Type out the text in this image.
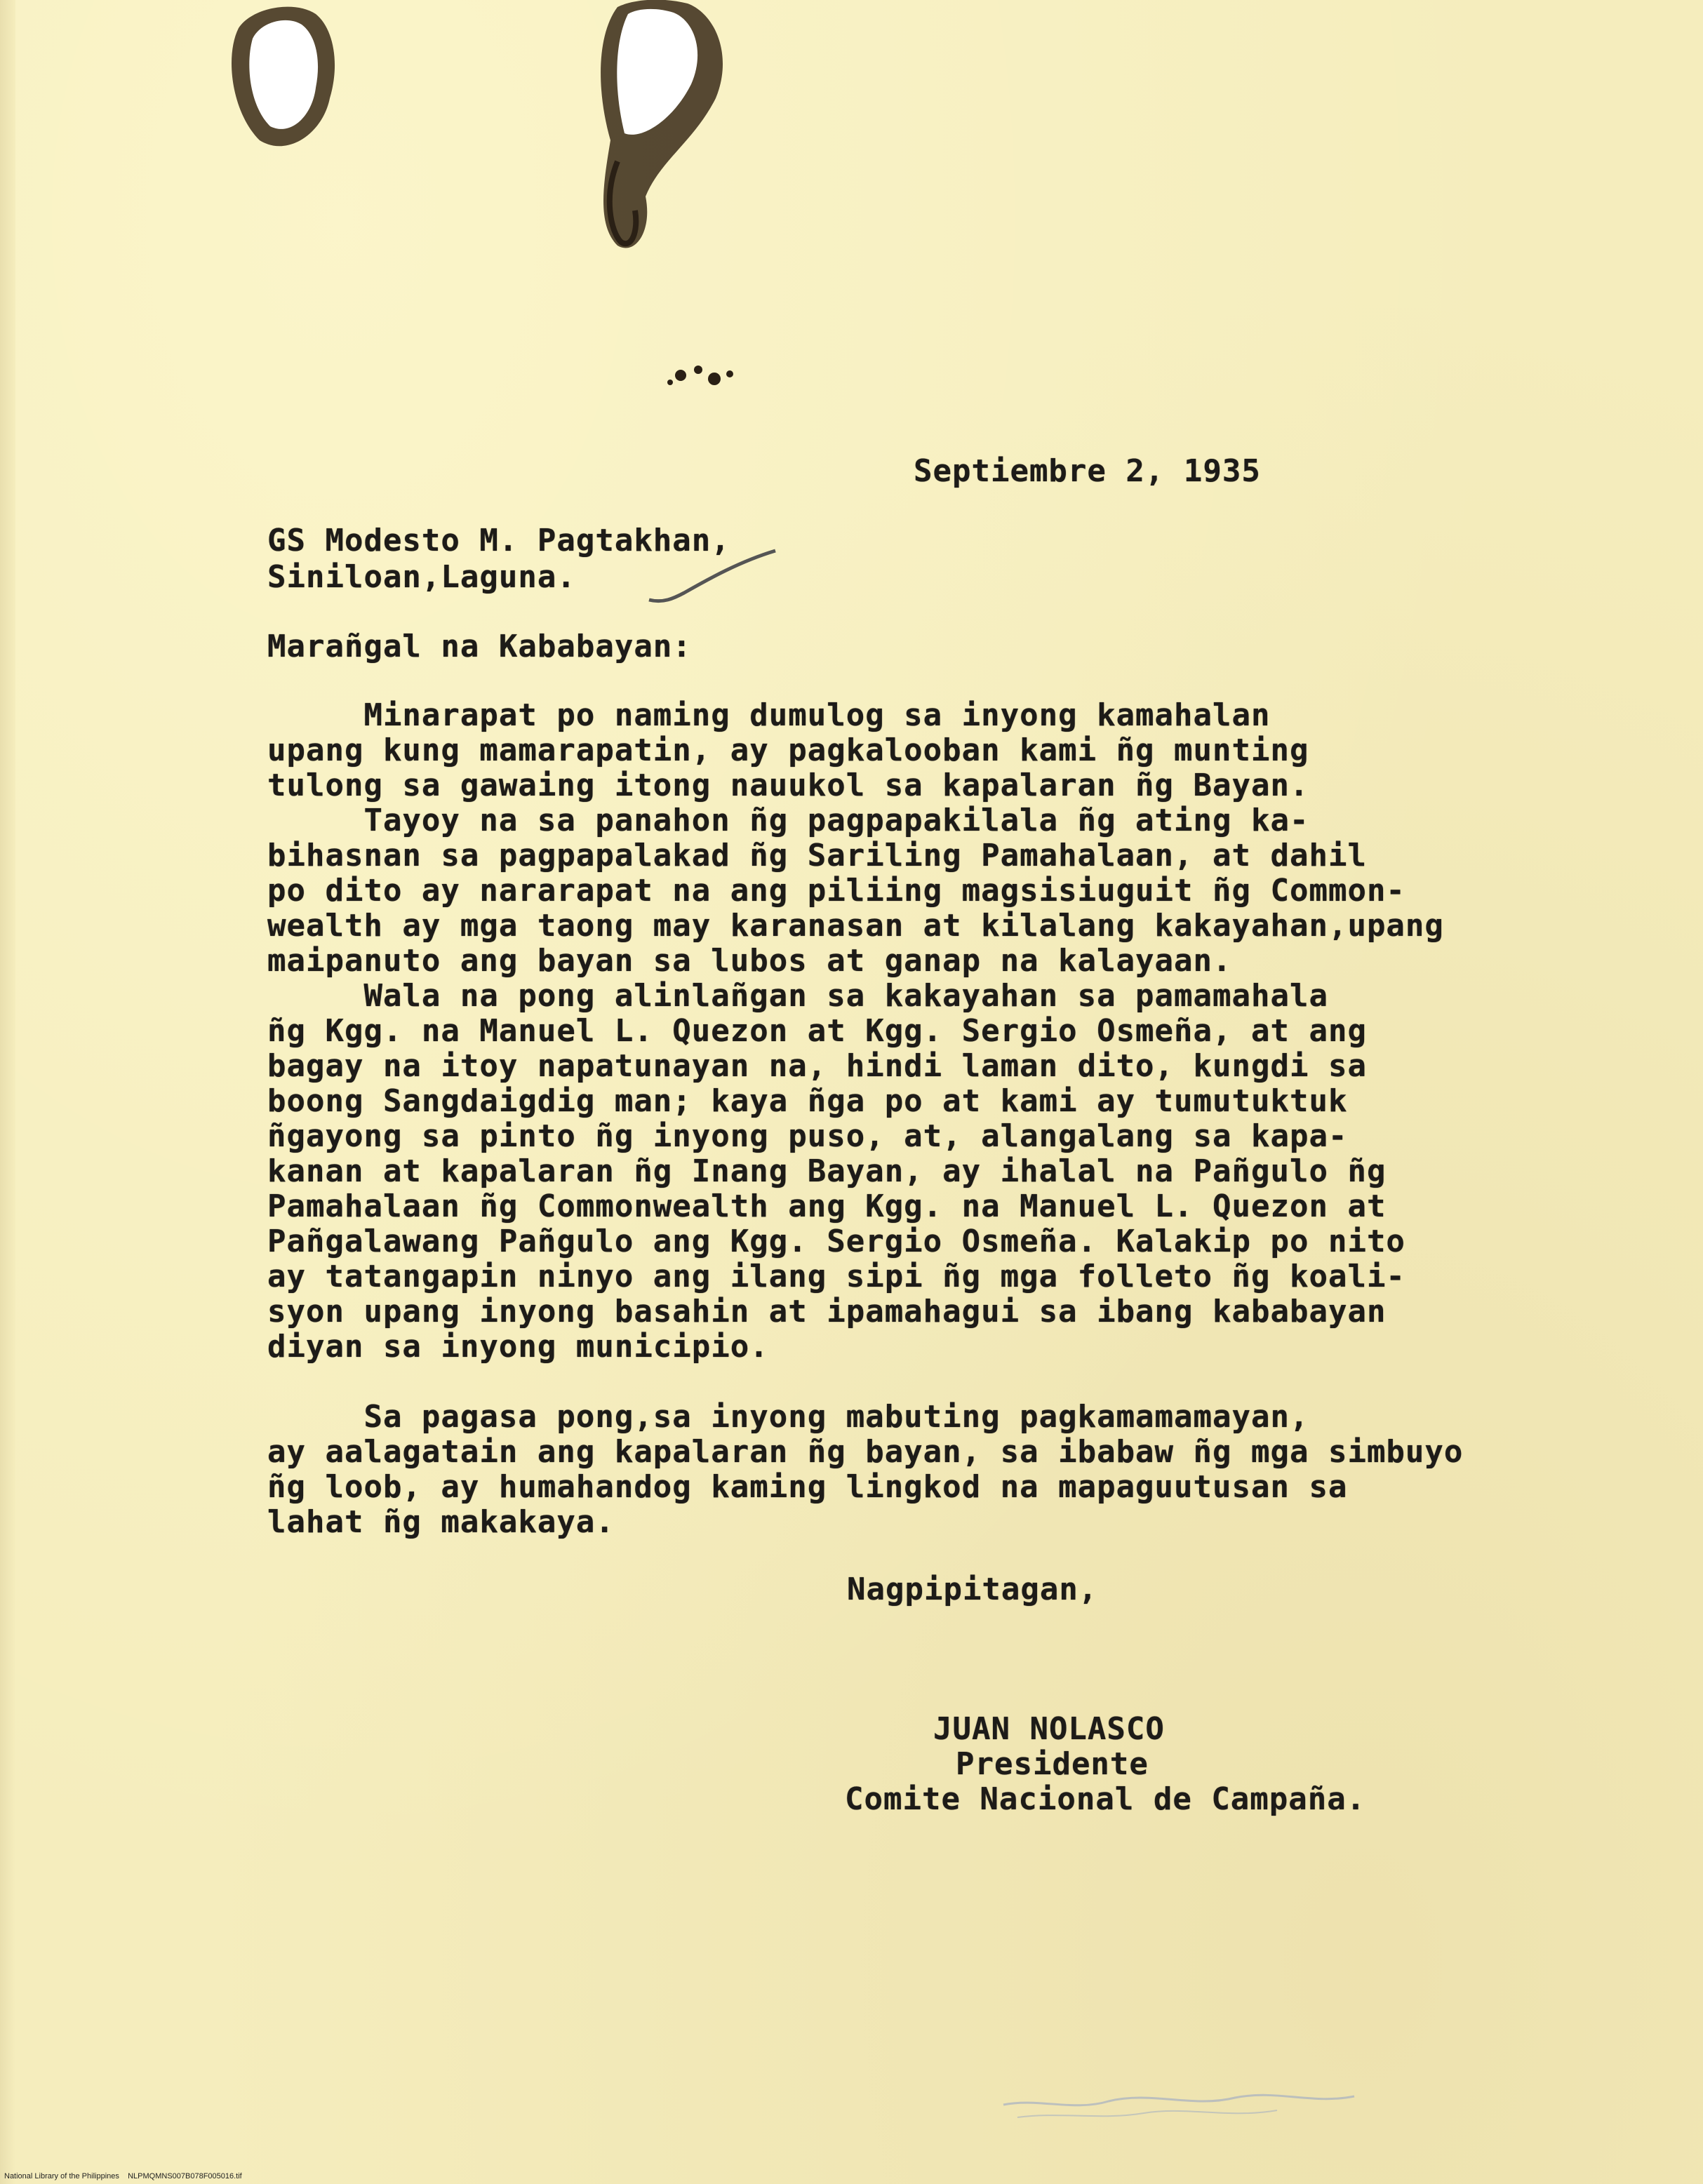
Septiembre 2, 1935
GS Modesto M. Pagtakhan,
Siniloan,Laguna.
Marañgal na Kababayan:
Minarapat po naming dumulog sa inyong kamahalan
upang kung mamarapatin, ay pagkalooban kami ñg munting
tulong sa gawaing itong nauukol sa kapalaran ñg Bayan.
Tayoy na sa panahon ñg pagpapakilala ñg ating ka-
bihasnan sa pagpapalakad ñg Sariling Pamahalaan, at dahil
po dito ay nararapat na ang piliing magsisiuguit ñg Common-
wealth ay mga taong may karanasan at kilalang kakayahan,upang
maipanuto ang bayan sa lubos at ganap na kalayaan.
Wala na pong alinlañgan sa kakayahan sa pamamahala
ñg Kgg. na Manuel L. Quezon at Kgg. Sergio Osmeña, at ang
bagay na itoy napatunayan na, hindi laman dito, kungdi sa
boong Sangdaigdig man; kaya ñga po at kami ay tumutuktuk
ñgayong sa pinto ñg inyong puso, at, alangalang sa kapa-
kanan at kapalaran ñg Inang Bayan, ay ihalal na Pañgulo ñg
Pamahalaan ñg Commonwealth ang Kgg. na Manuel L. Quezon at
Pañgalawang Pañgulo ang Kgg. Sergio Osmeña. Kalakip po nito
ay tatangapin ninyo ang ilang sipi ñg mga folleto ñg koali-
syon upang inyong basahin at ipamahagui sa ibang kababayan
diyan sa inyong municipio.
Sa pagasa pong,sa inyong mabuting pagkamamamayan,
ay aalagatain ang kapalaran ñg bayan, sa ibabaw ñg mga simbuyo
ñg loob, ay humahandog kaming lingkod na mapaguutusan sa
lahat ñg makakaya.
Nagpipitagan,
JUAN NOLASCO
Presidente
Comite Nacional de Campaña.
National Library of the Philippines    NLPMQMNS007B078F005016.tif
